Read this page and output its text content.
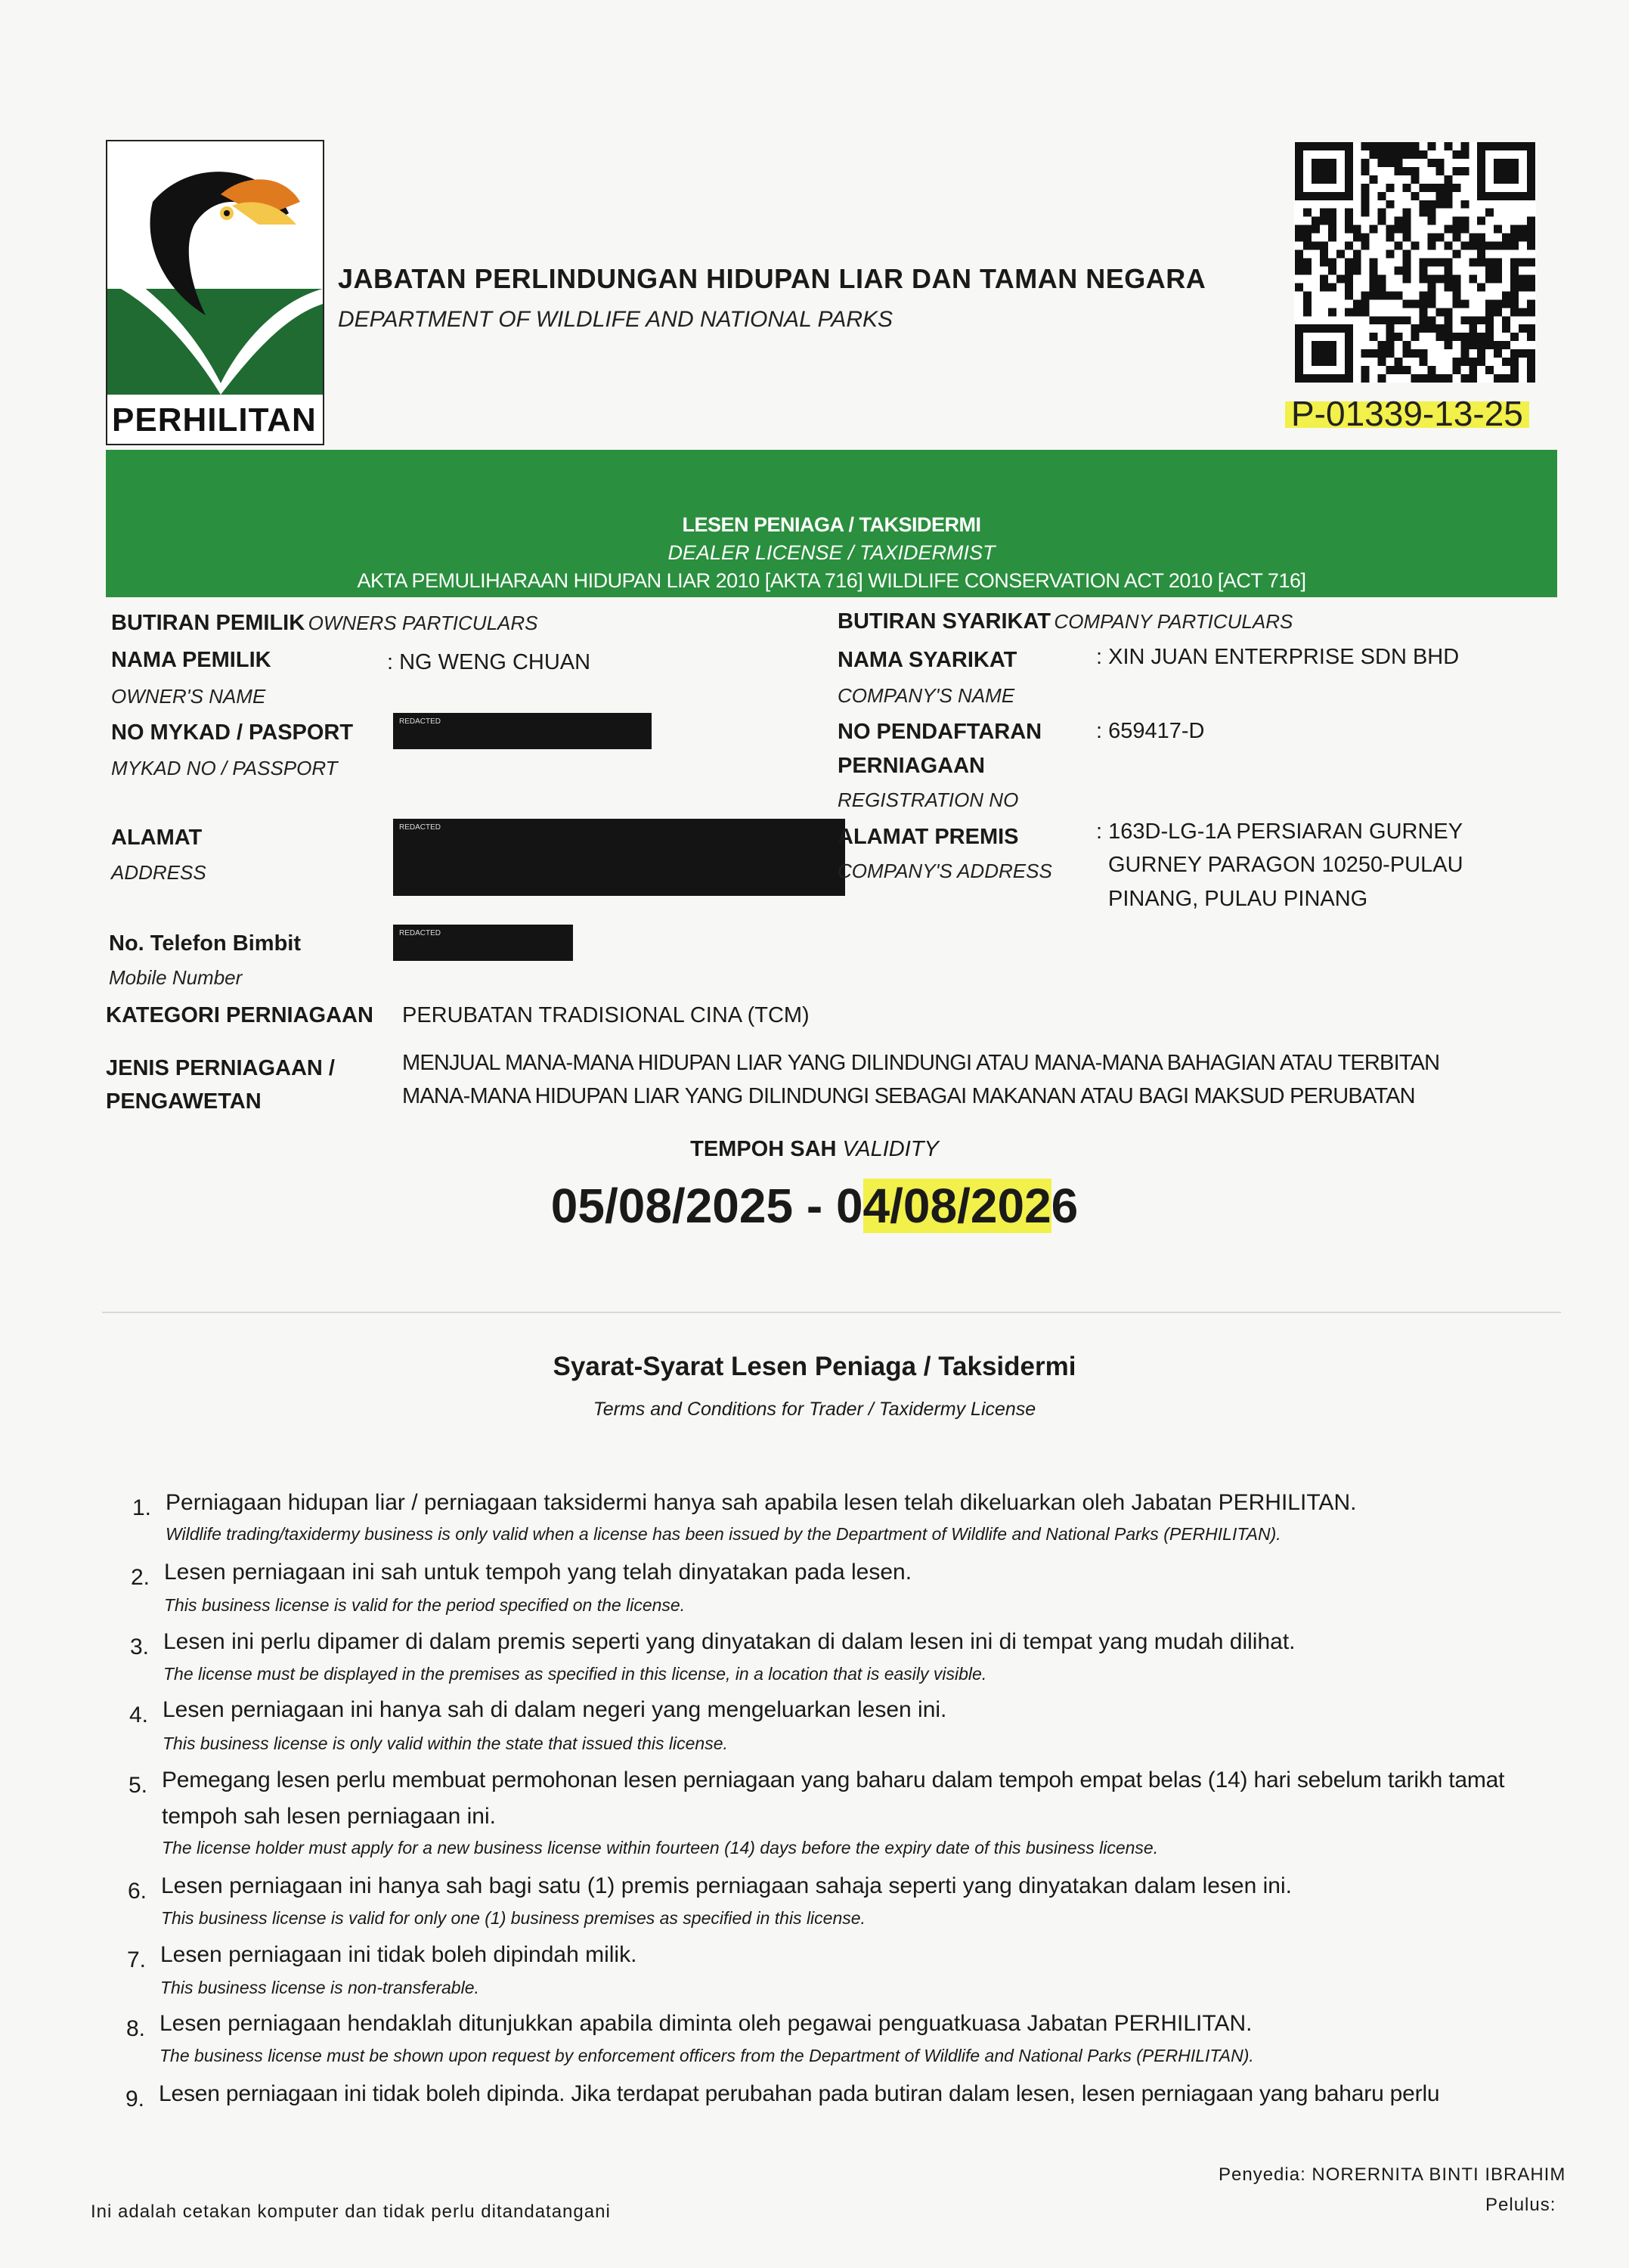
PERHILITAN
JABATAN PERLINDUNGAN HIDUPAN LIAR DAN TAMAN NEGARA
DEPARTMENT OF WILDLIFE AND NATIONAL PARKS
P-01339-13-25
LESEN PENIAGA / TAKSIDERMI
DEALER LICENSE / TAXIDERMIST
AKTA PEMULIHARAAN HIDUPAN LIAR 2010 [AKTA 716] WILDLIFE CONSERVATION ACT 2010 [ACT 716]
BUTIRAN PEMILIK OWNERS PARTICULARS
NAMA PEMILIK
OWNER'S NAME
: NG WENG CHUAN
NO MYKAD / PASPORT
MYKAD NO / PASSPORT
REDACTED
ALAMAT
ADDRESS
REDACTED
No. Telefon Bimbit
Mobile Number
REDACTED
BUTIRAN SYARIKAT COMPANY PARTICULARS
NAMA SYARIKAT
COMPANY'S NAME
: XIN JUAN ENTERPRISE SDN BHD
NO PENDAFTARAN
PERNIAGAAN
REGISTRATION NO
: 659417-D
ALAMAT PREMIS
COMPANY'S ADDRESS
: 163D-LG-1A PERSIARAN GURNEY
GURNEY PARAGON 10250-PULAU
PINANG, PULAU PINANG
KATEGORI PERNIAGAAN PERUBATAN TRADISIONAL CINA (TCM)
JENIS PERNIAGAAN /
PENGAWETAN
MENJUAL MANA-MANA HIDUPAN LIAR YANG DILINDUNGI ATAU MANA-MANA BAHAGIAN ATAU TERBITAN
MANA-MANA HIDUPAN LIAR YANG DILINDUNGI SEBAGAI MAKANAN ATAU BAGI MAKSUD PERUBATAN
TEMPOH SAH VALIDITY
05/08/2025 - 04/08/2026
Syarat-Syarat Lesen Peniaga / Taksidermi
Terms and Conditions for Trader / Taxidermy License
1. Perniagaan hidupan liar / perniagaan taksidermi hanya sah apabila lesen telah dikeluarkan oleh Jabatan PERHILITAN.
Wildlife trading/taxidermy business is only valid when a license has been issued by the Department of Wildlife and National Parks (PERHILITAN).
2. Lesen perniagaan ini sah untuk tempoh yang telah dinyatakan pada lesen.
This business license is valid for the period specified on the license.
3. Lesen ini perlu dipamer di dalam premis seperti yang dinyatakan di dalam lesen ini di tempat yang mudah dilihat.
The license must be displayed in the premises as specified in this license, in a location that is easily visible.
4. Lesen perniagaan ini hanya sah di dalam negeri yang mengeluarkan lesen ini.
This business license is only valid within the state that issued this license.
5. Pemegang lesen perlu membuat permohonan lesen perniagaan yang baharu dalam tempoh empat belas (14) hari sebelum tarikh tamat
tempoh sah lesen perniagaan ini.
The license holder must apply for a new business license within fourteen (14) days before the expiry date of this business license.
6. Lesen perniagaan ini hanya sah bagi satu (1) premis perniagaan sahaja seperti yang dinyatakan dalam lesen ini.
This business license is valid for only one (1) business premises as specified in this license.
7. Lesen perniagaan ini tidak boleh dipindah milik.
This business license is non-transferable.
8. Lesen perniagaan hendaklah ditunjukkan apabila diminta oleh pegawai penguatkuasa Jabatan PERHILITAN.
The business license must be shown upon request by enforcement officers from the Department of Wildlife and National Parks (PERHILITAN).
9. Lesen perniagaan ini tidak boleh dipinda. Jika terdapat perubahan pada butiran dalam lesen, lesen perniagaan yang baharu perlu
Ini adalah cetakan komputer dan tidak perlu ditandatangani
Penyedia: NORERNITA BINTI IBRAHIM
Pelulus:
